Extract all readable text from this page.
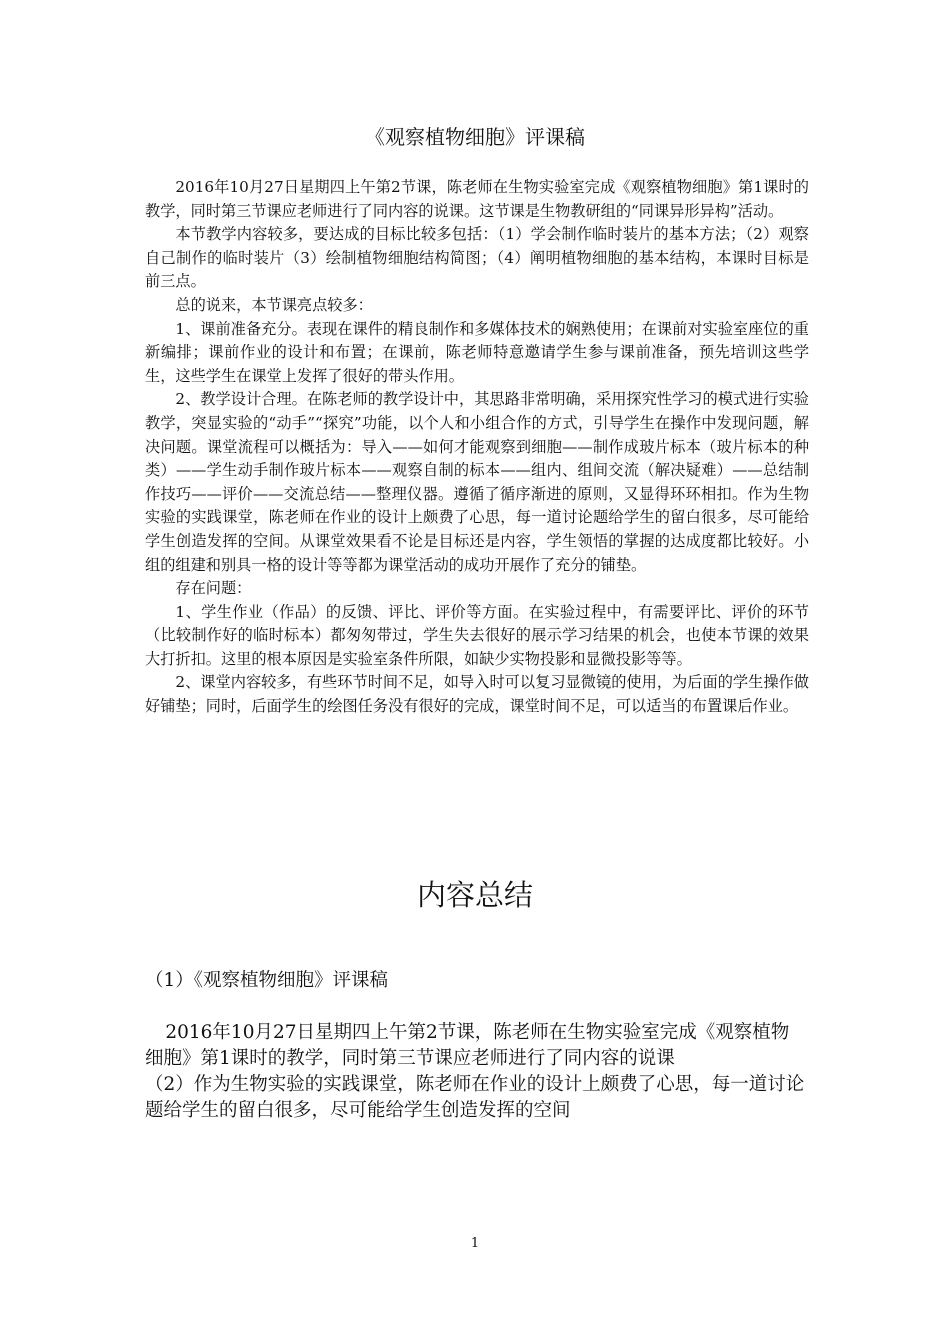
《观察植物细胞》评课稿

2016年10月27日星期四上午第2节课，陈老师在生物实验室完成《观察植物细胞》第1课时的教学，同时第三节课应老师进行了同内容的说课。这节课是生物教研组的“同课异形异构”活动。

本节教学内容较多，要达成的目标比较多包括：（1）学会制作临时装片的基本方法；（2）观察自己制作的临时装片（3）绘制植物细胞结构简图；（4）阐明植物细胞的基本结构，本课时目标是前三点。

总的说来，本节课亮点较多：

1、课前准备充分。表现在课件的精良制作和多媒体技术的娴熟使用；在课前对实验室座位的重新编排；课前作业的设计和布置；在课前，陈老师特意邀请学生参与课前准备，预先培训这些学生，这些学生在课堂上发挥了很好的带头作用。

2、教学设计合理。在陈老师的教学设计中，其思路非常明确，采用探究性学习的模式进行实验教学，突显实验的“动手”“探究”功能，以个人和小组合作的方式，引导学生在操作中发现问题，解决问题。课堂流程可以概括为：导入——如何才能观察到细胞——制作成玻片标本（玻片标本的种类）——学生动手制作玻片标本——观察自制的标本——组内、组间交流（解决疑难）——总结制作技巧——评价——交流总结——整理仪器。遵循了循序渐进的原则，又显得环环相扣。作为生物实验的实践课堂，陈老师在作业的设计上颇费了心思，每一道讨论题给学生的留白很多，尽可能给学生创造发挥的空间。从课堂效果看不论是目标还是内容，学生领悟的掌握的达成度都比较好。小组的组建和别具一格的设计等等都为课堂活动的成功开展作了充分的铺垫。

存在问题：

1、学生作业（作品）的反馈、评比、评价等方面。在实验过程中，有需要评比、评价的环节（比较制作好的临时标本）都匆匆带过，学生失去很好的展示学习结果的机会，也使本节课的效果大打折扣。这里的根本原因是实验室条件所限，如缺少实物投影和显微投影等等。

2、课堂内容较多，有些环节时间不足，如导入时可以复习显微镜的使用，为后面的学生操作做好铺垫；同时，后面学生的绘图任务没有很好的完成，课堂时间不足，可以适当的布置课后作业。

内容总结

（1）《观察植物细胞》评课稿

2016年10月27日星期四上午第2节课，陈老师在生物实验室完成《观察植物细胞》第1课时的教学，同时第三节课应老师进行了同内容的说课

（2）作为生物实验的实践课堂，陈老师在作业的设计上颇费了心思，每一道讨论题给学生的留白很多，尽可能给学生创造发挥的空间

1
